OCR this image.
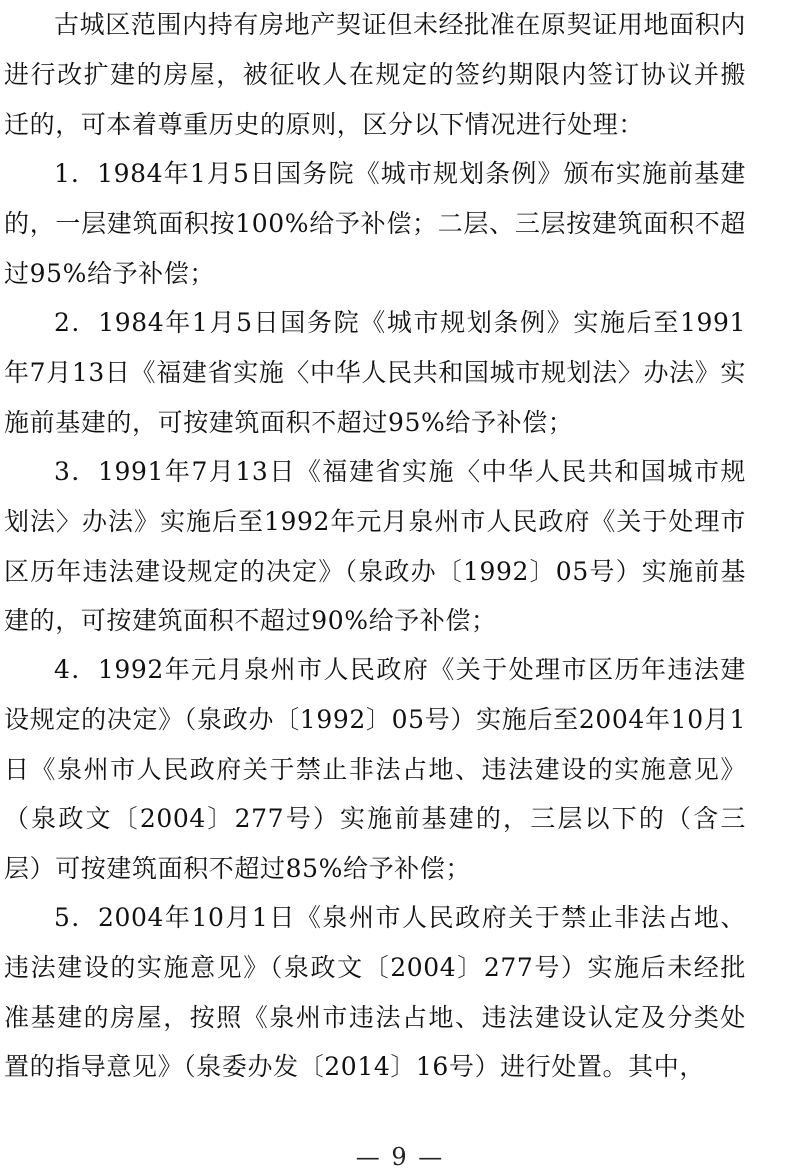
古城区范围内持有房地产契证但未经批准在原契证用地面积内进行改扩建的房屋，被征收人在规定的签约期限内签订协议并搬迁的，可本着尊重历史的原则，区分以下情况进行处理：

1．1984年1月5日国务院《城市规划条例》颁布实施前基建的，一层建筑面积按100%给予补偿；二层、三层按建筑面积不超过95%给予补偿；

2．1984年1月5日国务院《城市规划条例》实施后至1991年7月13日《福建省实施〈中华人民共和国城市规划法〉办法》实施前基建的，可按建筑面积不超过95%给予补偿；

3．1991年7月13日《福建省实施〈中华人民共和国城市规划法〉办法》实施后至1992年元月泉州市人民政府《关于处理市区历年违法建设规定的决定》（泉政办〔1992〕05号）实施前基建的，可按建筑面积不超过90%给予补偿；

4．1992年元月泉州市人民政府《关于处理市区历年违法建设规定的决定》（泉政办〔1992〕05号）实施后至2004年10月1日《泉州市人民政府关于禁止非法占地、违法建设的实施意见》（泉政文〔2004〕277号）实施前基建的，三层以下的（含三层）可按建筑面积不超过85%给予补偿；

5．2004年10月1日《泉州市人民政府关于禁止非法占地、违法建设的实施意见》（泉政文〔2004〕277号）实施后未经批准基建的房屋，按照《泉州市违法占地、违法建设认定及分类处置的指导意见》（泉委办发〔2014〕16号）进行处置。其中，

— 9 —
